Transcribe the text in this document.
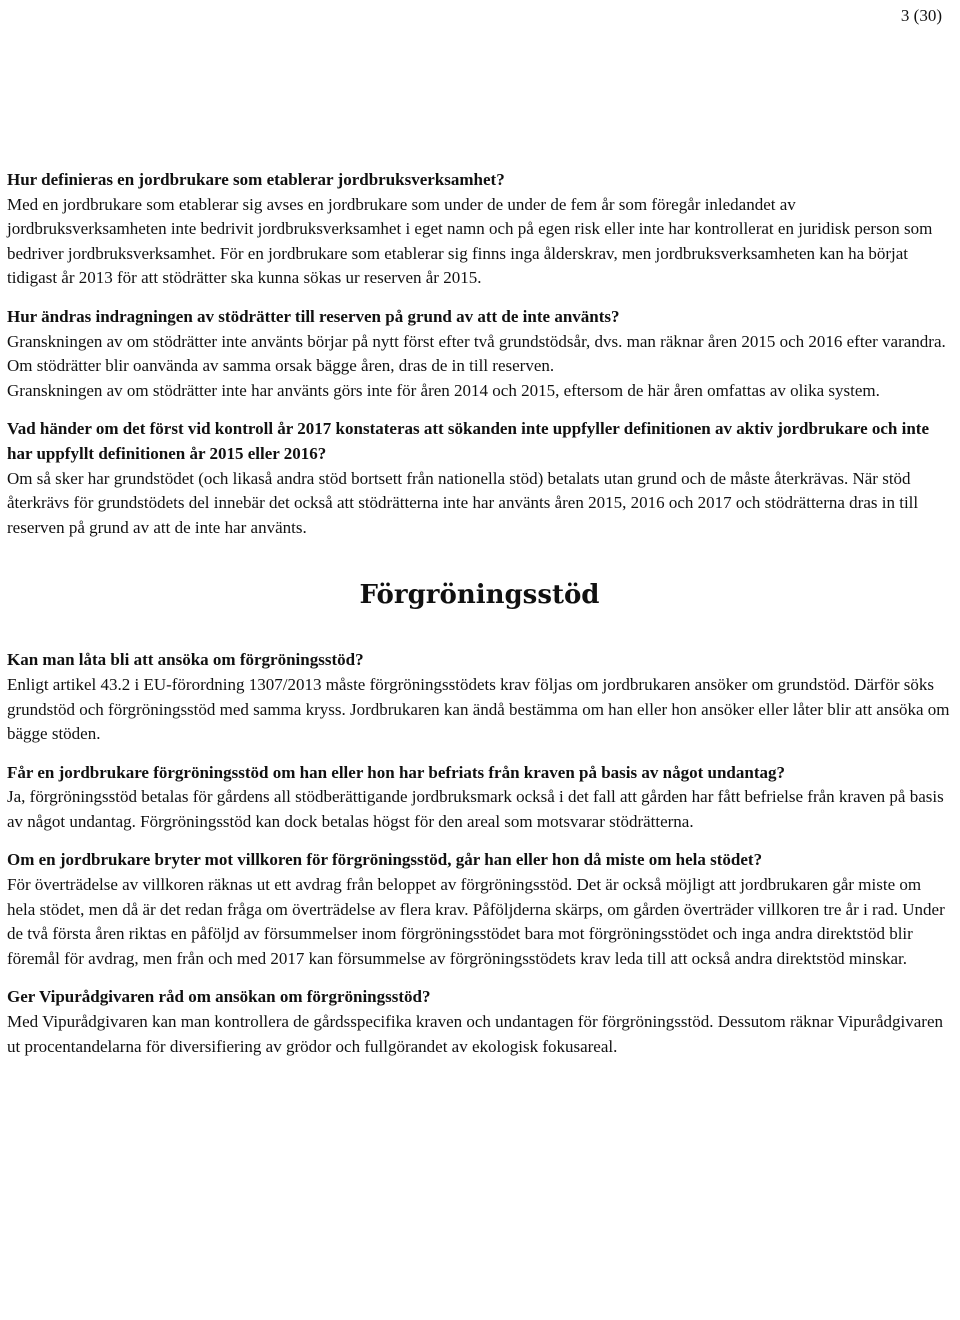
3 (30)

Hur definieras en jordbrukare som etablerar jordbruksverksamhet?

Med en jordbrukare som etablerar sig avses en jordbrukare som under de under de fem år som föregår inledandet av jordbruksverksamheten inte bedrivit jordbruksverksamhet i eget namn och på egen risk eller inte har kontrollerat en juridisk person som bedriver jordbruksverksamhet. För en jordbrukare som etablerar sig finns inga ålderskrav, men jordbruksverksamheten kan ha börjat tidigast år 2013 för att stödrätter ska kunna sökas ur reserven år 2015.

Hur ändras indragningen av stödrätter till reserven på grund av att de inte använts?

Granskningen av om stödrätter inte använts börjar på nytt först efter två grundstödsår, dvs. man räknar åren 2015 och 2016 efter varandra. Om stödrätter blir oanvända av samma orsak bägge åren, dras de in till reserven.

Granskningen av om stödrätter inte har använts görs inte för åren 2014 och 2015, eftersom de här åren omfattas av olika system.

Vad händer om det först vid kontroll år 2017 konstateras att sökanden inte uppfyller definitionen av aktiv jordbrukare och inte har uppfyllt definitionen år 2015 eller 2016?

Om så sker har grundstödet (och likaså andra stöd bortsett från nationella stöd) betalats utan grund och de måste återkrävas. När stöd återkrävs för grundstödets del innebär det också att stödrätterna inte har använts åren 2015, 2016 och 2017 och stödrätterna dras in till reserven på grund av att de inte har använts.

Förgröningsstöd

Kan man låta bli att ansöka om förgröningsstöd?

Enligt artikel 43.2 i EU-förordning 1307/2013 måste förgröningsstödets krav följas om jordbrukaren ansöker om grundstöd. Därför söks grundstöd och förgröningsstöd med samma kryss. Jordbrukaren kan ändå bestämma om han eller hon ansöker eller låter blir att ansöka om bägge stöden.

Får en jordbrukare förgröningsstöd om han eller hon har befriats från kraven på basis av något undantag?

Ja, förgröningsstöd betalas för gårdens all stödberättigande jordbruksmark också i det fall att gården har fått befrielse från kraven på basis av något undantag. Förgröningsstöd kan dock betalas högst för den areal som motsvarar stödrätterna.

Om en jordbrukare bryter mot villkoren för förgröningsstöd, går han eller hon då miste om hela stödet?

För överträdelse av villkoren räknas ut ett avdrag från beloppet av förgröningsstöd. Det är också möjligt att jordbrukaren går miste om hela stödet, men då är det redan fråga om överträdelse av flera krav. Påföljderna skärps, om gården överträder villkoren tre år i rad. Under de två första åren riktas en påföljd av försummelser inom förgröningsstödet bara mot förgröningsstödet och inga andra direktstöd blir föremål för avdrag, men från och med 2017 kan försummelse av förgröningsstödets krav leda till att också andra direktstöd minskar.

Ger Vipurådgivaren råd om ansökan om förgröningsstöd?

Med Vipurådgivaren kan man kontrollera de gårdsspecifika kraven och undantagen för förgröningsstöd. Dessutom räknar Vipurådgivaren ut procentandelarna för diversifiering av grödor och fullgörandet av ekologisk fokusareal.
